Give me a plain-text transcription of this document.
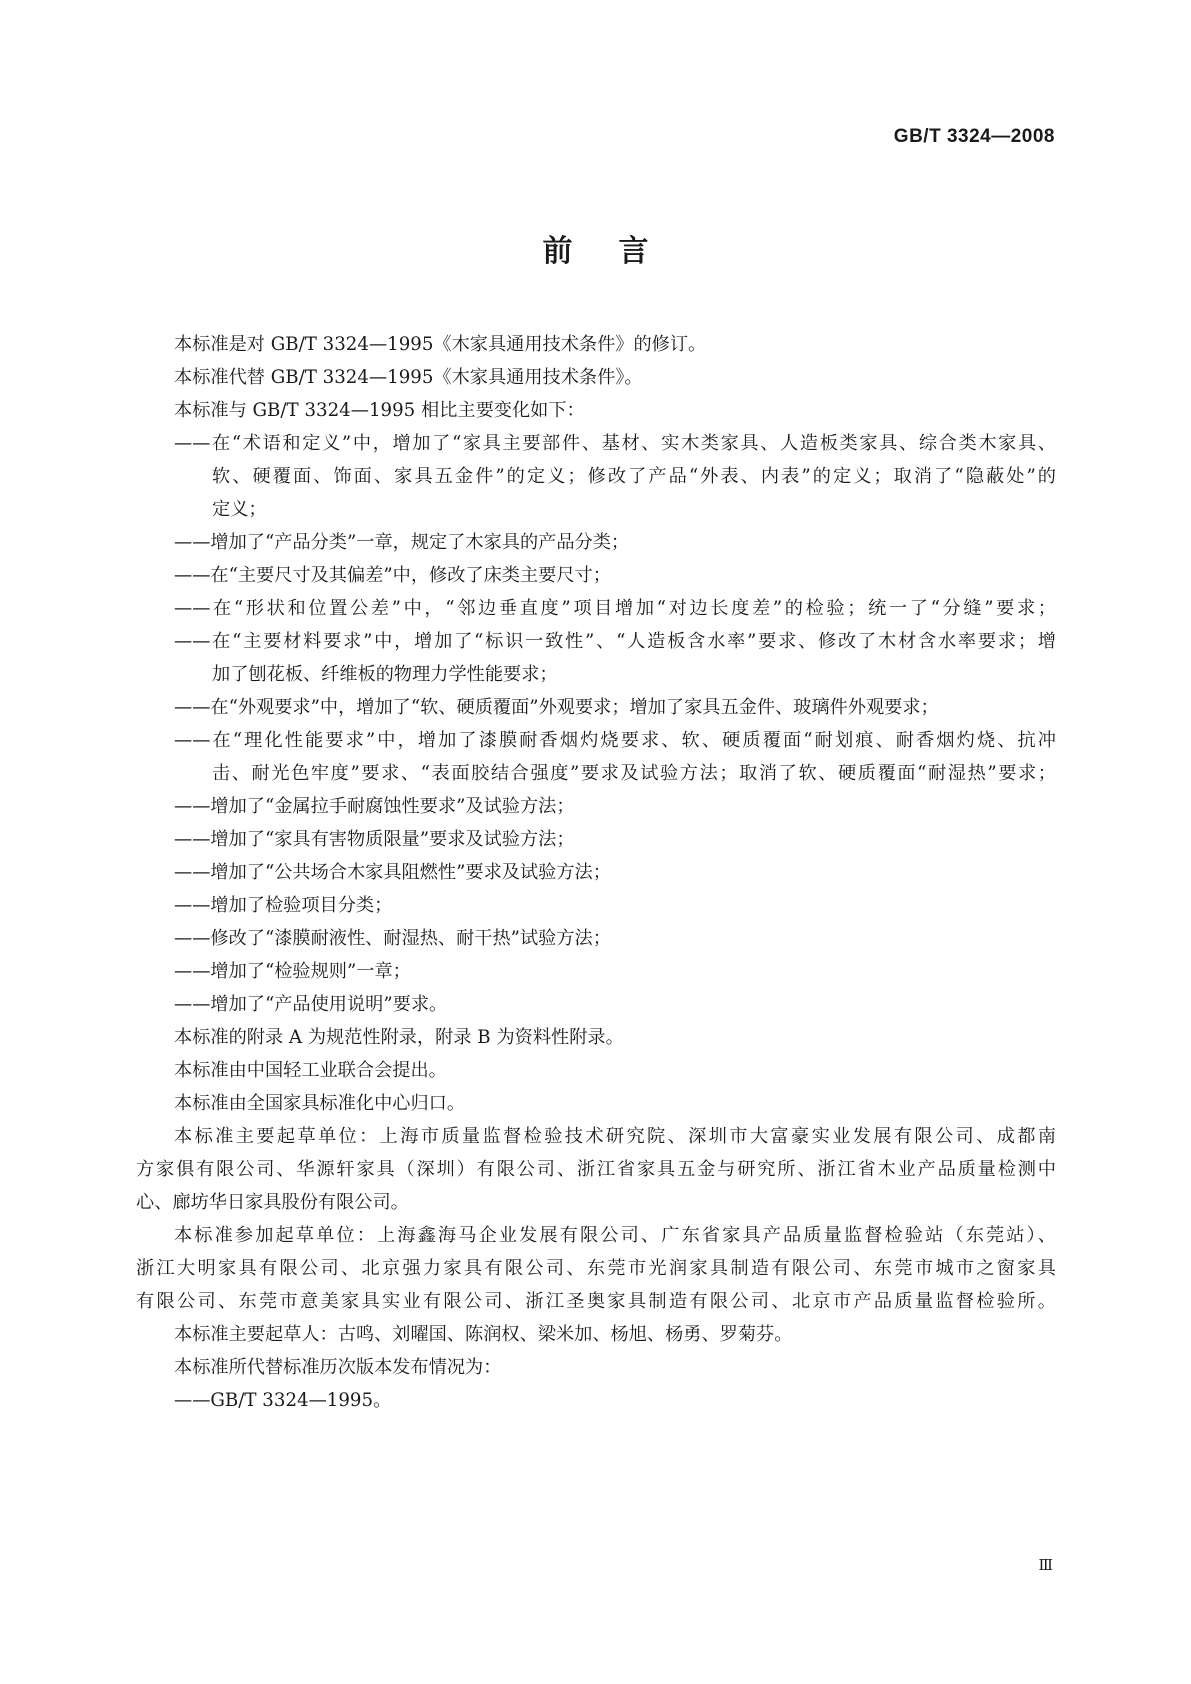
GB/T 3324—2008
前言
本标准是对 GB/T 3324—1995《木家具通用技术条件》的修订。
本标准代替 GB/T 3324—1995《木家具通用技术条件》。
本标准与 GB/T 3324—1995 相比主要变化如下：
——在“术语和定义”中，增加了“家具主要部件、基材、实木类家具、人造板类家具、综合类木家具、
软、硬覆面、饰面、家具五金件”的定义；修改了产品“外表、内表”的定义；取消了“隐蔽处”的
定义；
——增加了“产品分类”一章，规定了木家具的产品分类；
——在“主要尺寸及其偏差”中，修改了床类主要尺寸；
——在“形状和位置公差”中，“邻边垂直度”项目增加“对边长度差”的检验；统一了“分缝”要求；
——在“主要材料要求”中，增加了“标识一致性”、“人造板含水率”要求、修改了木材含水率要求；增
加了刨花板、纤维板的物理力学性能要求；
——在“外观要求”中，增加了“软、硬质覆面”外观要求；增加了家具五金件、玻璃件外观要求；
——在“理化性能要求”中，增加了漆膜耐香烟灼烧要求、软、硬质覆面“耐划痕、耐香烟灼烧、抗冲
击、耐光色牢度”要求、“表面胶结合强度”要求及试验方法；取消了软、硬质覆面“耐湿热”要求；
——增加了“金属拉手耐腐蚀性要求”及试验方法；
——增加了“家具有害物质限量”要求及试验方法；
——增加了“公共场合木家具阻燃性”要求及试验方法；
——增加了检验项目分类；
——修改了“漆膜耐液性、耐湿热、耐干热”试验方法；
——增加了“检验规则”一章；
——增加了“产品使用说明”要求。
本标准的附录 A 为规范性附录，附录 B 为资料性附录。
本标准由中国轻工业联合会提出。
本标准由全国家具标准化中心归口。
本标准主要起草单位：上海市质量监督检验技术研究院、深圳市大富豪实业发展有限公司、成都南
方家俱有限公司、华源轩家具（深圳）有限公司、浙江省家具五金与研究所、浙江省木业产品质量检测中
心、廊坊华日家具股份有限公司。
本标准参加起草单位：上海鑫海马企业发展有限公司、广东省家具产品质量监督检验站（东莞站）、
浙江大明家具有限公司、北京强力家具有限公司、东莞市光润家具制造有限公司、东莞市城市之窗家具
有限公司、东莞市意美家具实业有限公司、浙江圣奥家具制造有限公司、北京市产品质量监督检验所。
本标准主要起草人：古鸣、刘曜国、陈润权、梁米加、杨旭、杨勇、罗菊芬。
本标准所代替标准历次版本发布情况为：
——GB/T 3324—1995。
Ⅲ
